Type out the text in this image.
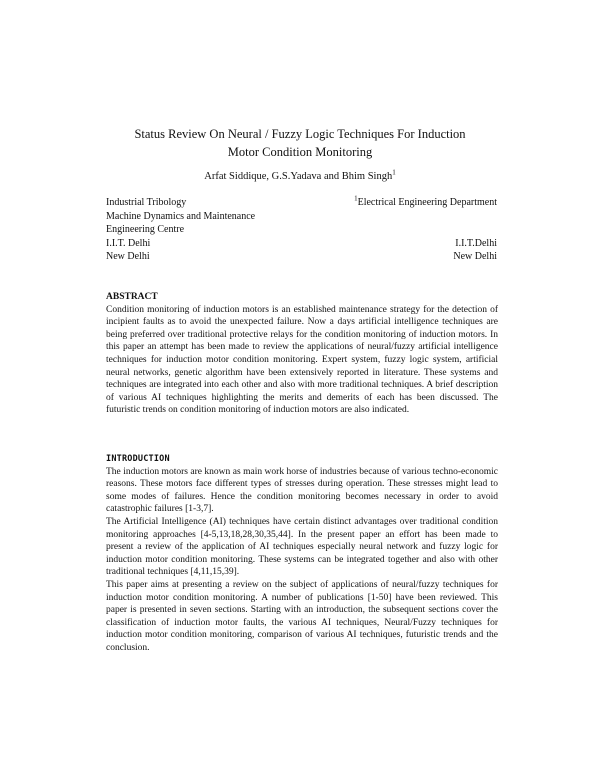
Status Review On Neural / Fuzzy Logic Techniques For Induction
Motor Condition Monitoring
Arfat Siddique, G.S.Yadava and Bhim Singh$^1$
Industrial Tribology
Machine Dynamics and Maintenance
Engineering Centre
I.I.T. Delhi
New Delhi
$^1$Electrical Engineering Department
I.I.T.Delhi
New Delhi
ABSTRACT

Condition monitoring of induction motors is an established maintenance strategy for the detection of incipient faults as to avoid the unexpected failure. Now a days artificial intelligence techniques are being preferred over traditional protective relays for the condition monitoring of induction motors. In this paper an attempt has been made to review the applications of neural/fuzzy artificial intelligence techniques for induction motor condition monitoring. Expert system, fuzzy logic system, artificial neural networks, genetic algorithm have been extensively reported in literature. These systems and techniques are integrated into each other and also with more traditional techniques. A brief description of various AI techniques highlighting the merits and demerits of each has been discussed. The futuristic trends on condition monitoring of induction motors are also indicated.

INTRODUCTION

The induction motors are known as main work horse of industries because of various techno-economic reasons. These motors face different types of stresses during operation. These stresses might lead to some modes of failures. Hence the condition monitoring becomes necessary in order to avoid catastrophic failures [1-3,7].

The Artificial Intelligence (AI) techniques have certain distinct advantages over traditional condition monitoring approaches [4-5,13,18,28,30,35,44]. In the present paper an effort has been made to present a review of the application of AI techniques especially neural network and fuzzy logic for induction motor condition monitoring. These systems can be integrated together and also with other traditional techniques [4,11,15,39].

This paper aims at presenting a review on the subject of applications of neural/fuzzy techniques for induction motor condition monitoring. A number of publications [1-50] have been reviewed. This paper is presented in seven sections. Starting with an introduction, the subsequent sections cover the classification of induction motor faults, the various AI techniques, Neural/Fuzzy techniques for induction motor condition monitoring, comparison of various AI techniques, futuristic trends and the conclusion.
